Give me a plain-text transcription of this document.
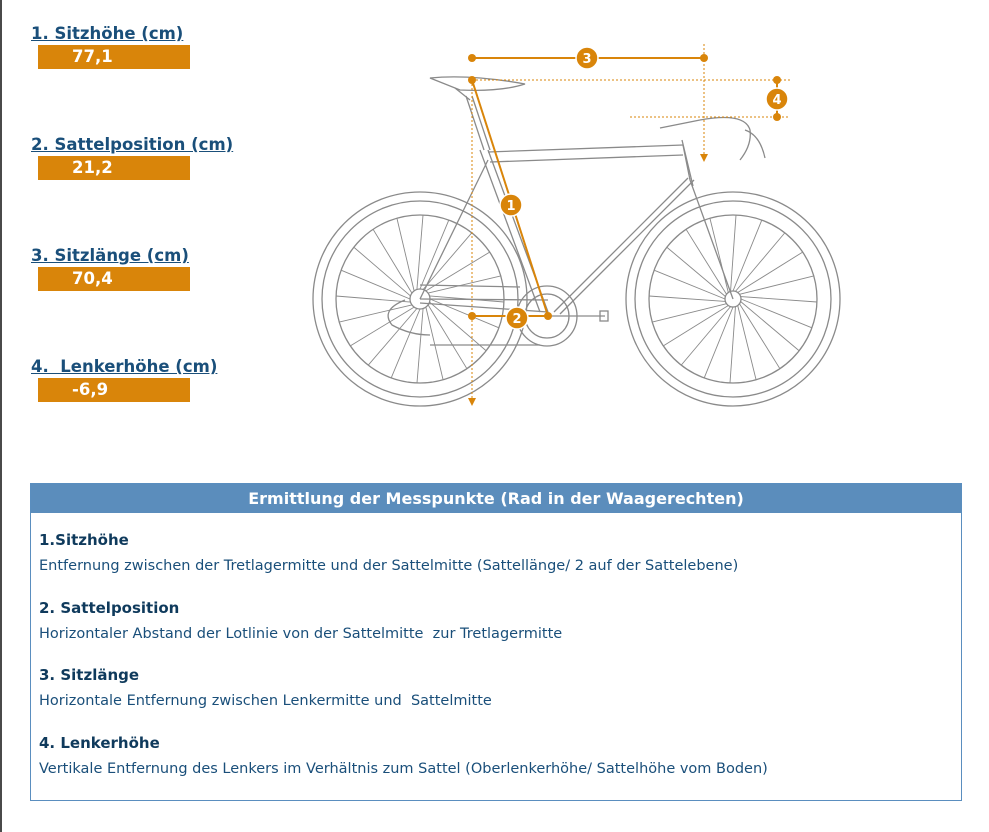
1. Sitzhöhe (cm)
77,1
2. Sattelposition (cm)
21,2
3. Sitzlänge (cm)
70,4
4.  Lenkerhöhe (cm)
-6,9
1
2
3
4
Ermittlung der Messpunkte (Rad in der Waagerechten)
1.Sitzhöhe
Entfernung zwischen der Tretlagermitte und der Sattelmitte (Sattellänge/ 2 auf der Sattelebene)
2. Sattelposition
Horizontaler Abstand der Lotlinie von der Sattelmitte  zur Tretlagermitte
3. Sitzlänge
Horizontale Entfernung zwischen Lenkermitte und  Sattelmitte
4. Lenkerhöhe
Vertikale Entfernung des Lenkers im Verhältnis zum Sattel (Oberlenkerhöhe/ Sattelhöhe vom Boden)
